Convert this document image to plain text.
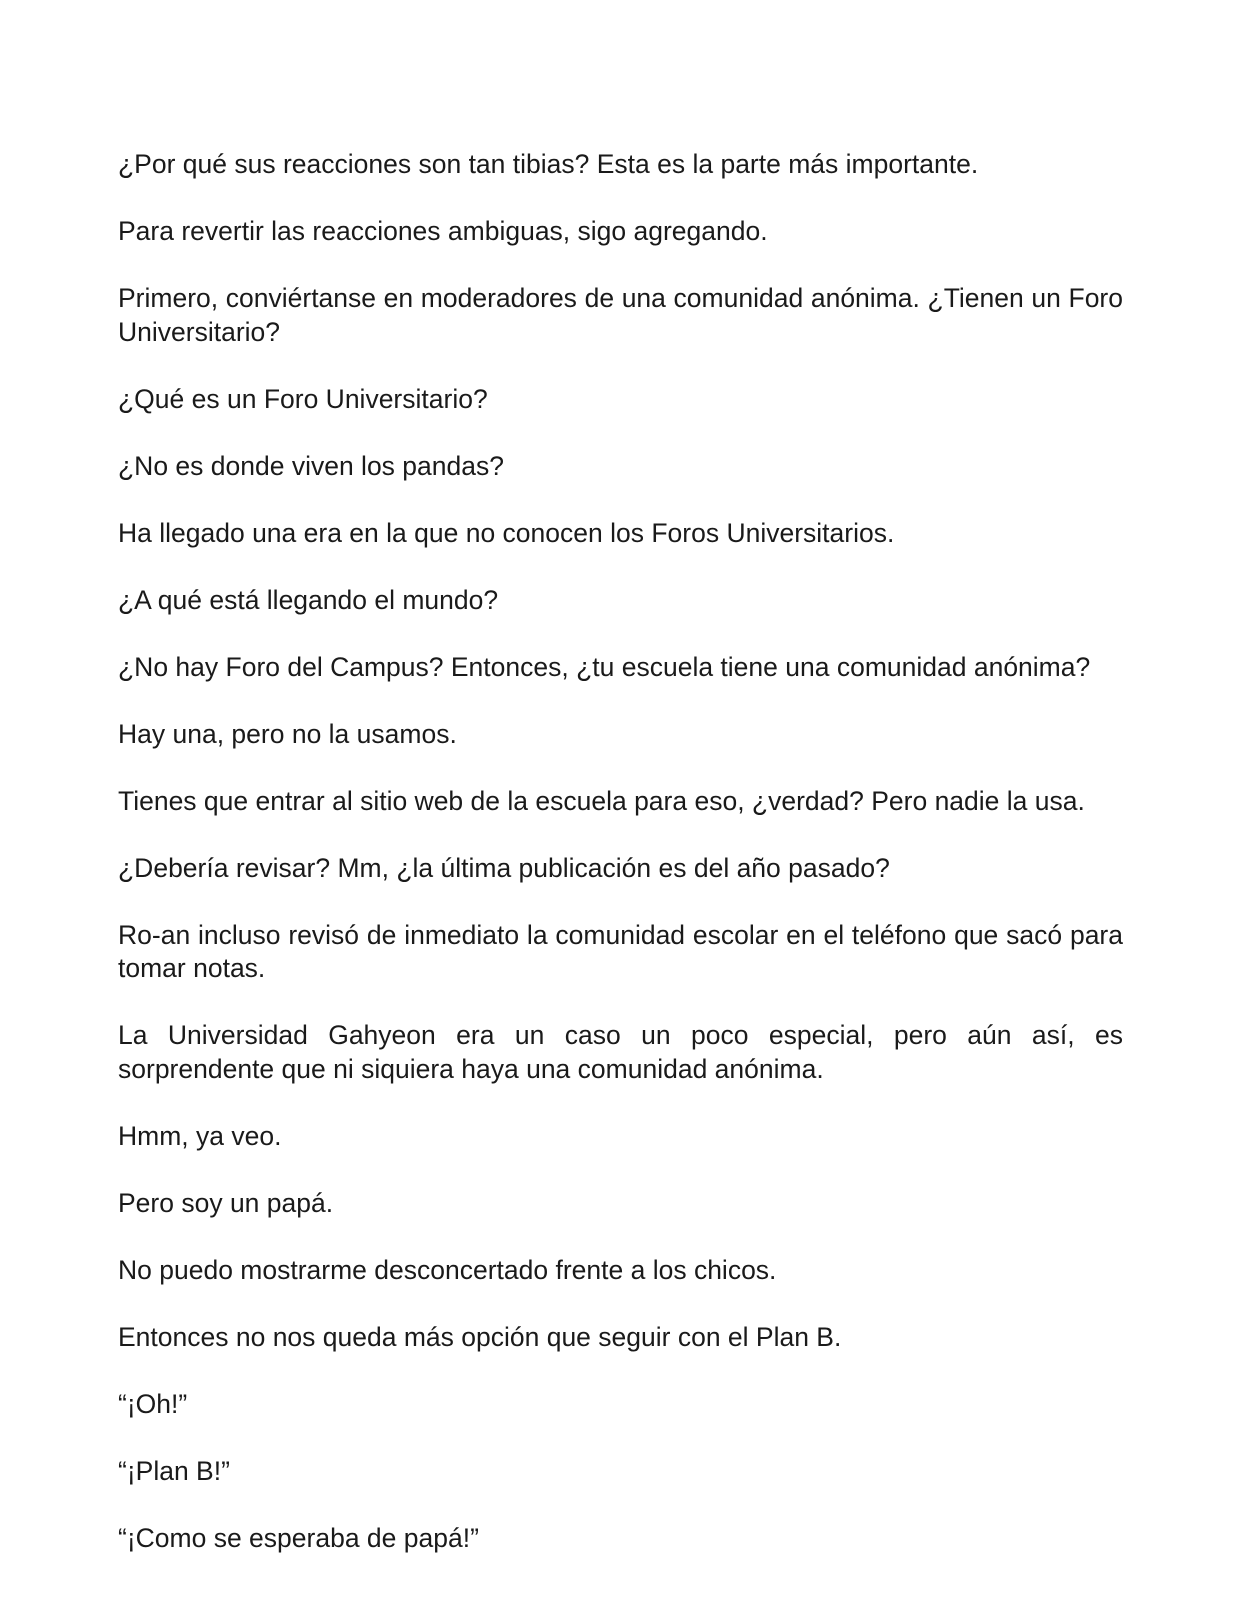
¿Por qué sus reacciones son tan tibias? Esta es la parte más importante.

Para revertir las reacciones ambiguas, sigo agregando.

Primero, conviértanse en moderadores de una comunidad anónima. ¿Tienen un Foro Universitario?

¿Qué es un Foro Universitario?

¿No es donde viven los pandas?

Ha llegado una era en la que no conocen los Foros Universitarios.

¿A qué está llegando el mundo?

¿No hay Foro del Campus? Entonces, ¿tu escuela tiene una comunidad anónima?

Hay una, pero no la usamos.

Tienes que entrar al sitio web de la escuela para eso, ¿verdad? Pero nadie la usa.

¿Debería revisar? Mm, ¿la última publicación es del año pasado?

Ro-an incluso revisó de inmediato la comunidad escolar en el teléfono que sacó para tomar notas.

La Universidad Gahyeon era un caso un poco especial, pero aún así, es sorprendente que ni siquiera haya una comunidad anónima.

Hmm, ya veo.

Pero soy un papá.

No puedo mostrarme desconcertado frente a los chicos.

Entonces no nos queda más opción que seguir con el Plan B.

“¡Oh!”

“¡Plan B!”

“¡Como se esperaba de papá!”
